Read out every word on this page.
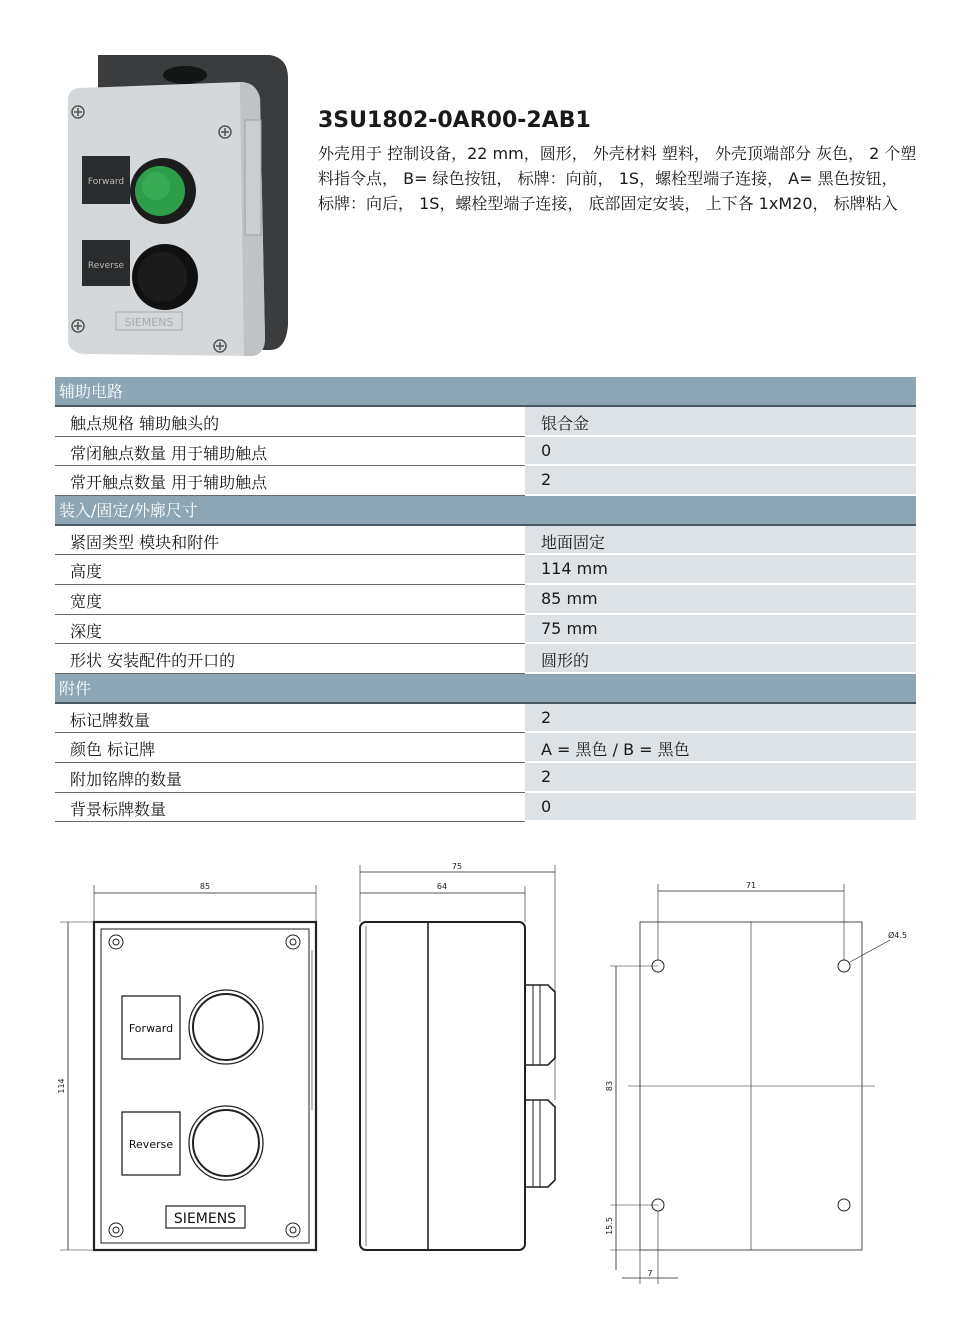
Forward
Reverse
SIEMENS
3SU1802-0AR00-2AB1
外壳用于 控制设备，22 mm，圆形， 外壳材料 塑料， 外壳顶端部分 灰色， 2 个塑料指令点， B= 绿色按钮， 标牌：向前， 1S，螺栓型端子连接， A= 黑色按钮， 标牌：向后， 1S，螺栓型端子连接， 底部固定安装， 上下各 1xM20， 标牌粘入
辅助电路
触点规格 辅助触头的	银合金
常闭触点数量 用于辅助触点	0
常开触点数量 用于辅助触点	2
装入/固定/外廓尺寸
紧固类型 模块和附件	地面固定
高度	114 mm
宽度	85 mm
深度	75 mm
形状 安装配件的开口的	圆形的
附件
标记牌数量	2
颜色 标记牌	A = 黑色 / B = 黑色
附加铭牌的数量	2
背景标牌数量	0
85
114
Forward
Reverse
SIEMENS
75
64	71
Ø4.5
83
15.5
7
